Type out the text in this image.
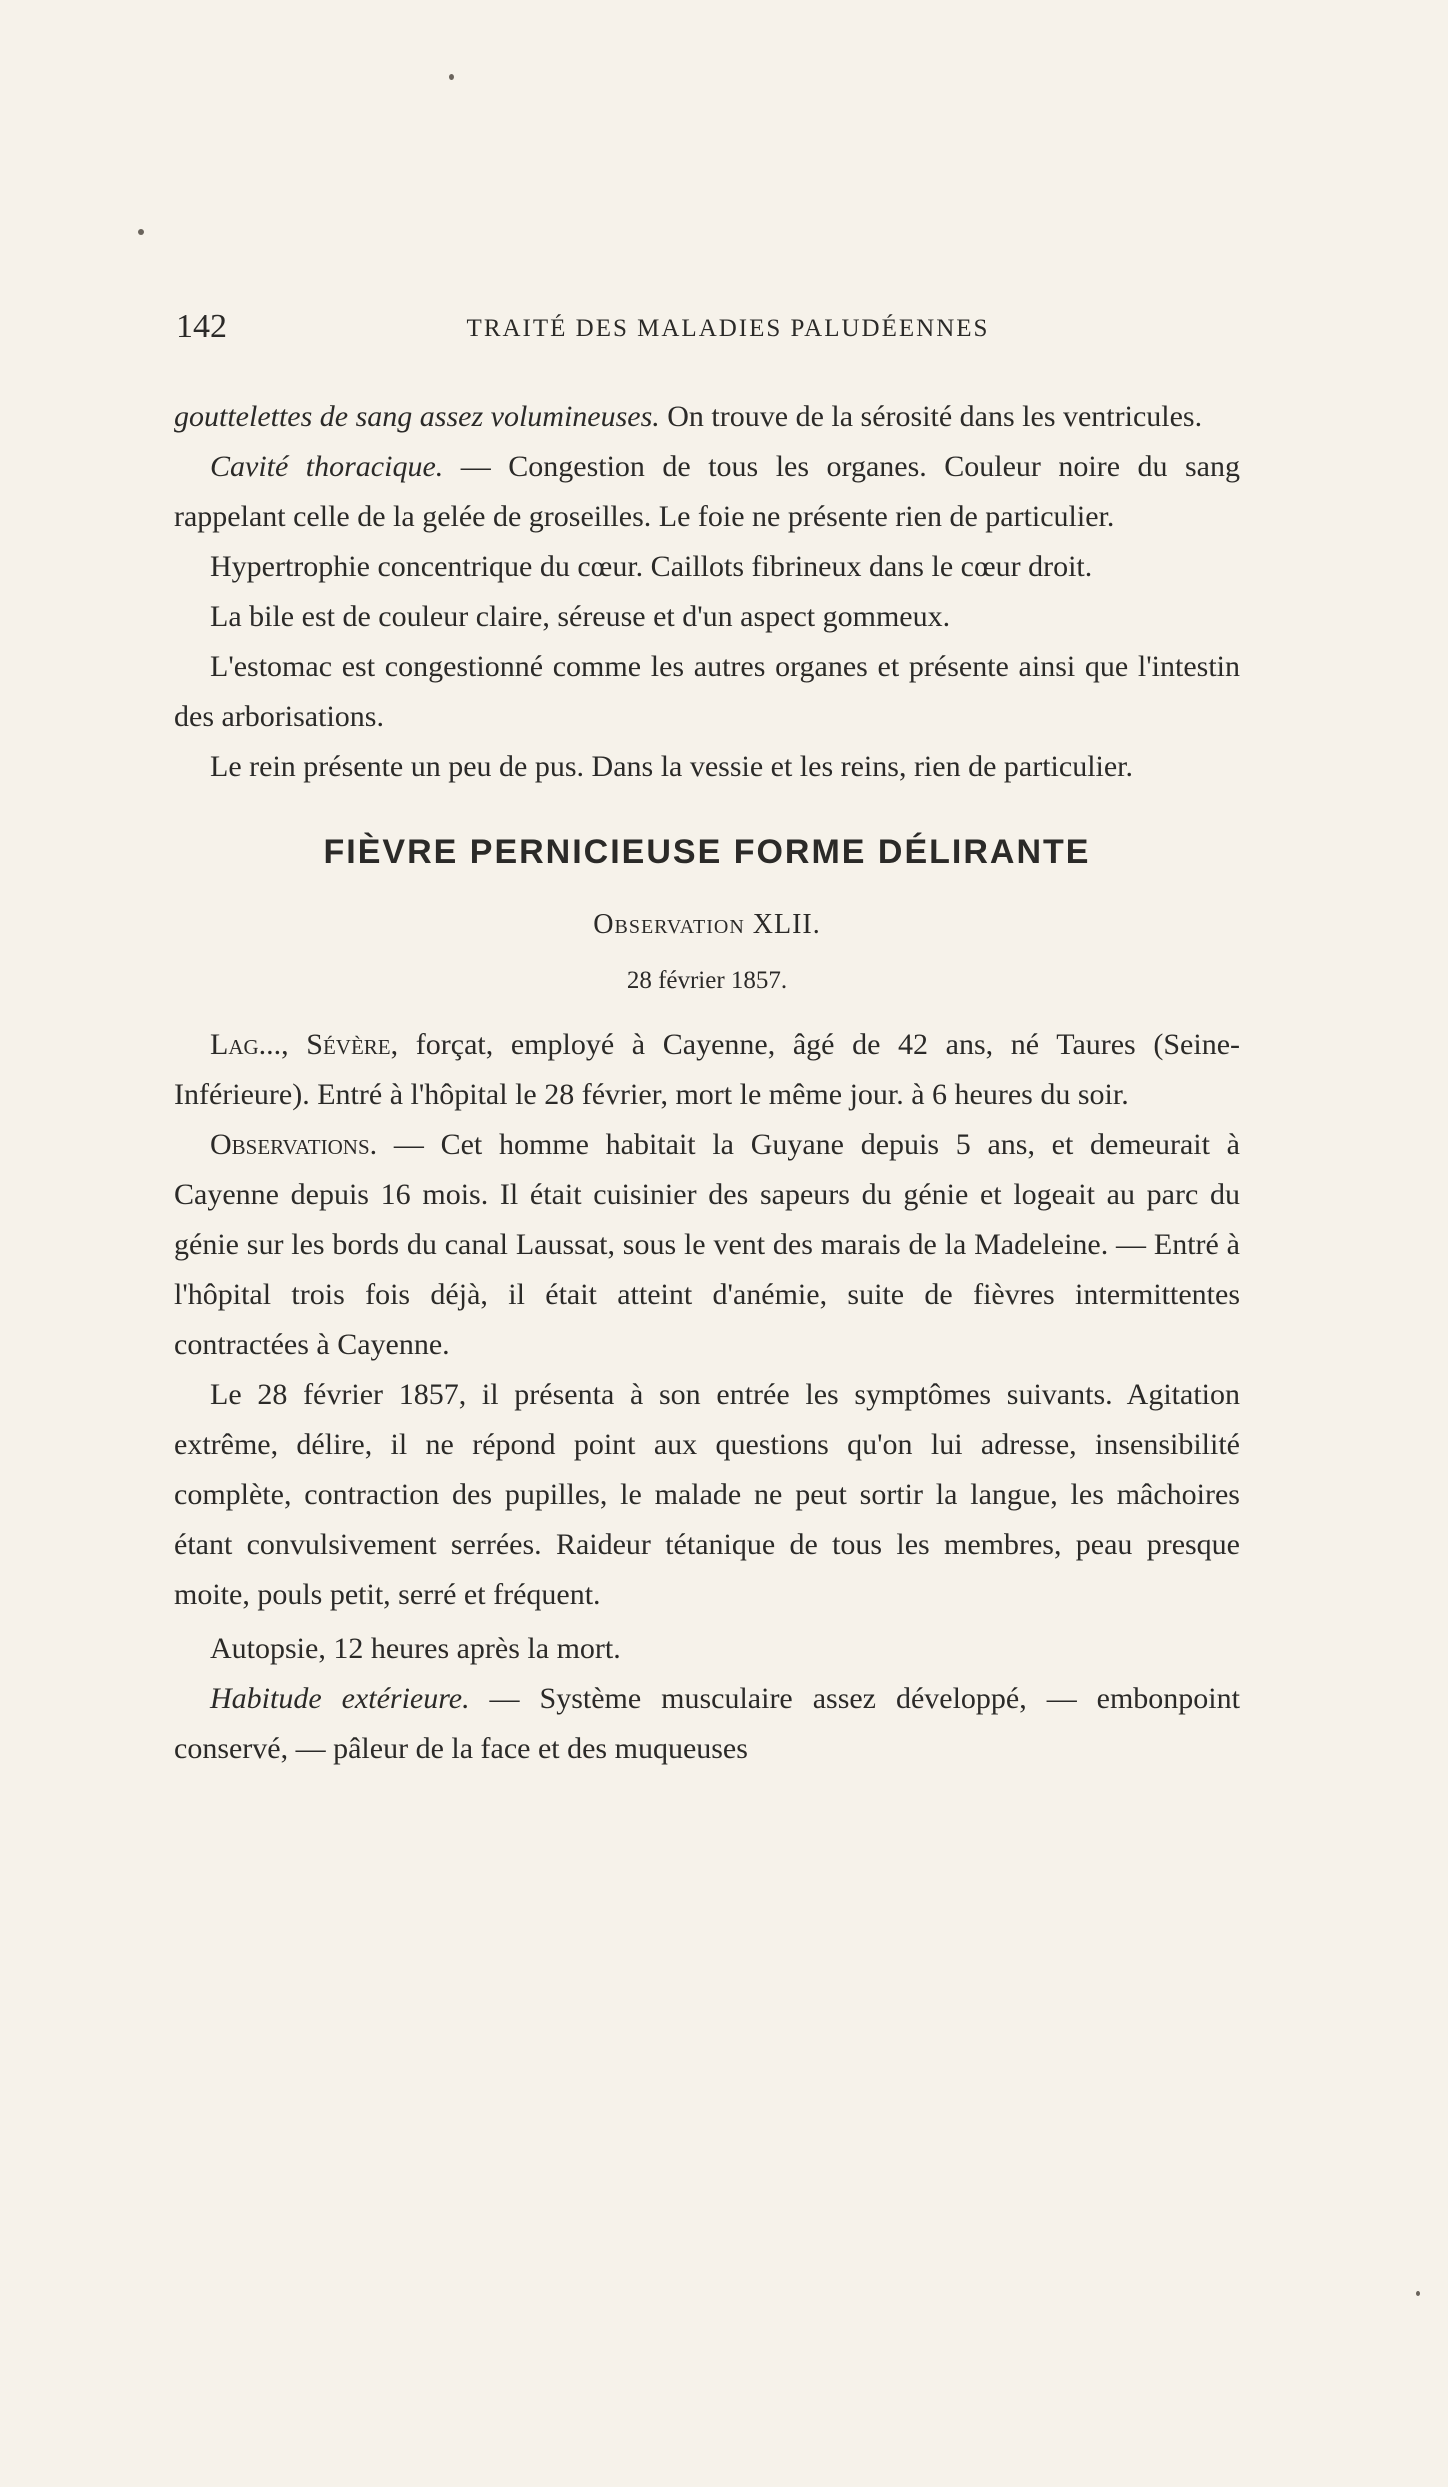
142	TRAITÉ DES MALADIES PALUDÉENNES

gouttelettes de sang assez volumineuses. On trouve de la sérosité dans les ventricules.

Cavité thoracique. — Congestion de tous les organes. Couleur noire du sang rappelant celle de la gelée de groseilles. Le foie ne présente rien de particulier.

Hypertrophie concentrique du cœur. Caillots fibrineux dans le cœur droit.

La bile est de couleur claire, séreuse et d'un aspect gommeux.

L'estomac est congestionné comme les autres organes et présente ainsi que l'intestin des arborisations.

Le rein présente un peu de pus. Dans la vessie et les reins, rien de particulier.

FIÈVRE PERNICIEUSE FORME DÉLIRANTE

Observation XLII.

28 février 1857.

Lag..., Sévère, forçat, employé à Cayenne, âgé de 42 ans, né Taures (Seine-Inférieure). Entré à l'hôpital le 28 février, mort le même jour. à 6 heures du soir.

Observations. — Cet homme habitait la Guyane depuis 5 ans, et demeurait à Cayenne depuis 16 mois. Il était cuisinier des sapeurs du génie et logeait au parc du génie sur les bords du canal Laussat, sous le vent des marais de la Madeleine. — Entré à l'hôpital trois fois déjà, il était atteint d'anémie, suite de fièvres intermittentes contractées à Cayenne.

Le 28 février 1857, il présenta à son entrée les symptômes suivants. Agitation extrême, délire, il ne répond point aux questions qu'on lui adresse, insensibilité complète, contraction des pupilles, le malade ne peut sortir la langue, les mâchoires étant convulsivement serrées. Raideur tétanique de tous les membres, peau presque moite, pouls petit, serré et fréquent.

Autopsie, 12 heures après la mort.

Habitude extérieure. — Système musculaire assez développé, — embonpoint conservé, — pâleur de la face et des muqueuses
